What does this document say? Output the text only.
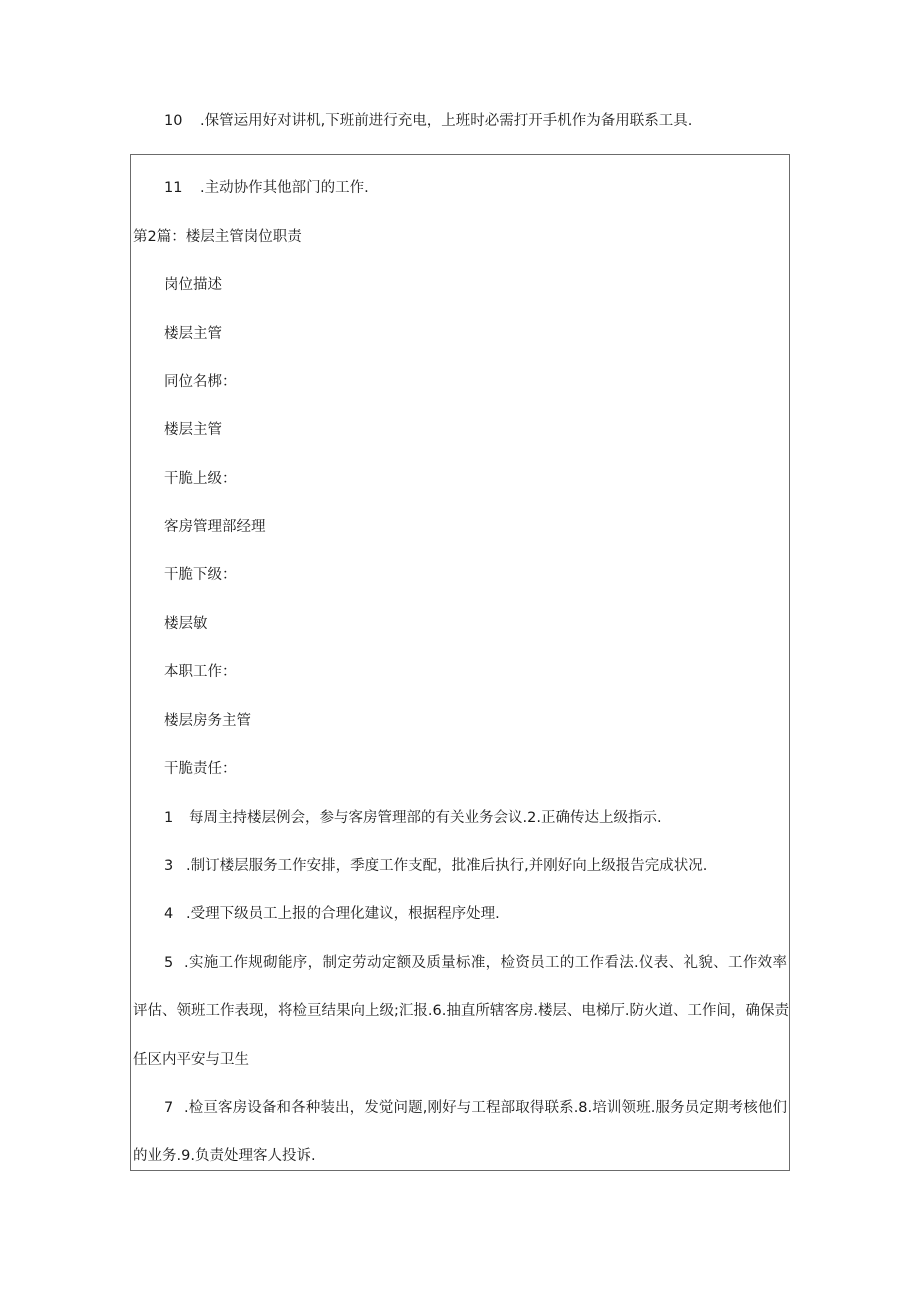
10 .保管运用好对讲机,下班前进行充电，上班时必需打开手机作为备用联系工具.
11 .主动协作其他部门的工作.
第2篇：楼层主管岗位职责
岗位描述
楼层主管
同位名梆：
楼层主管
干脆上级：
客房管理部经理
干脆下级：
楼层敏
本职工作：
楼层房务主管
干脆责任：
1 每周主持楼层例会，参与客房管理部的有关业务会议.2.正确传达上级指示.
3 .制订楼层服务工作安排，季度工作支配，批准后执行,并刚好向上级报告完成状况.
4 .受理下级员工上报的合理化建议，根据程序处理.
5 .实施工作规砌能序，制定劳动定额及质量标准，检资员工的工作看法.仪表、礼貌、工作效率
评估、领班工作表现，将检亘结果向上级;汇报.6.抽直所辖客房.楼层、电梯厅.防火道、工作间，确保责
任区内平安与卫生
7 .检亘客房设备和各种装出，发觉问题,刚好与工程部取得联系.8.培训领班.服务员定期考核他们
的业务.9.负责处理客人投诉.
